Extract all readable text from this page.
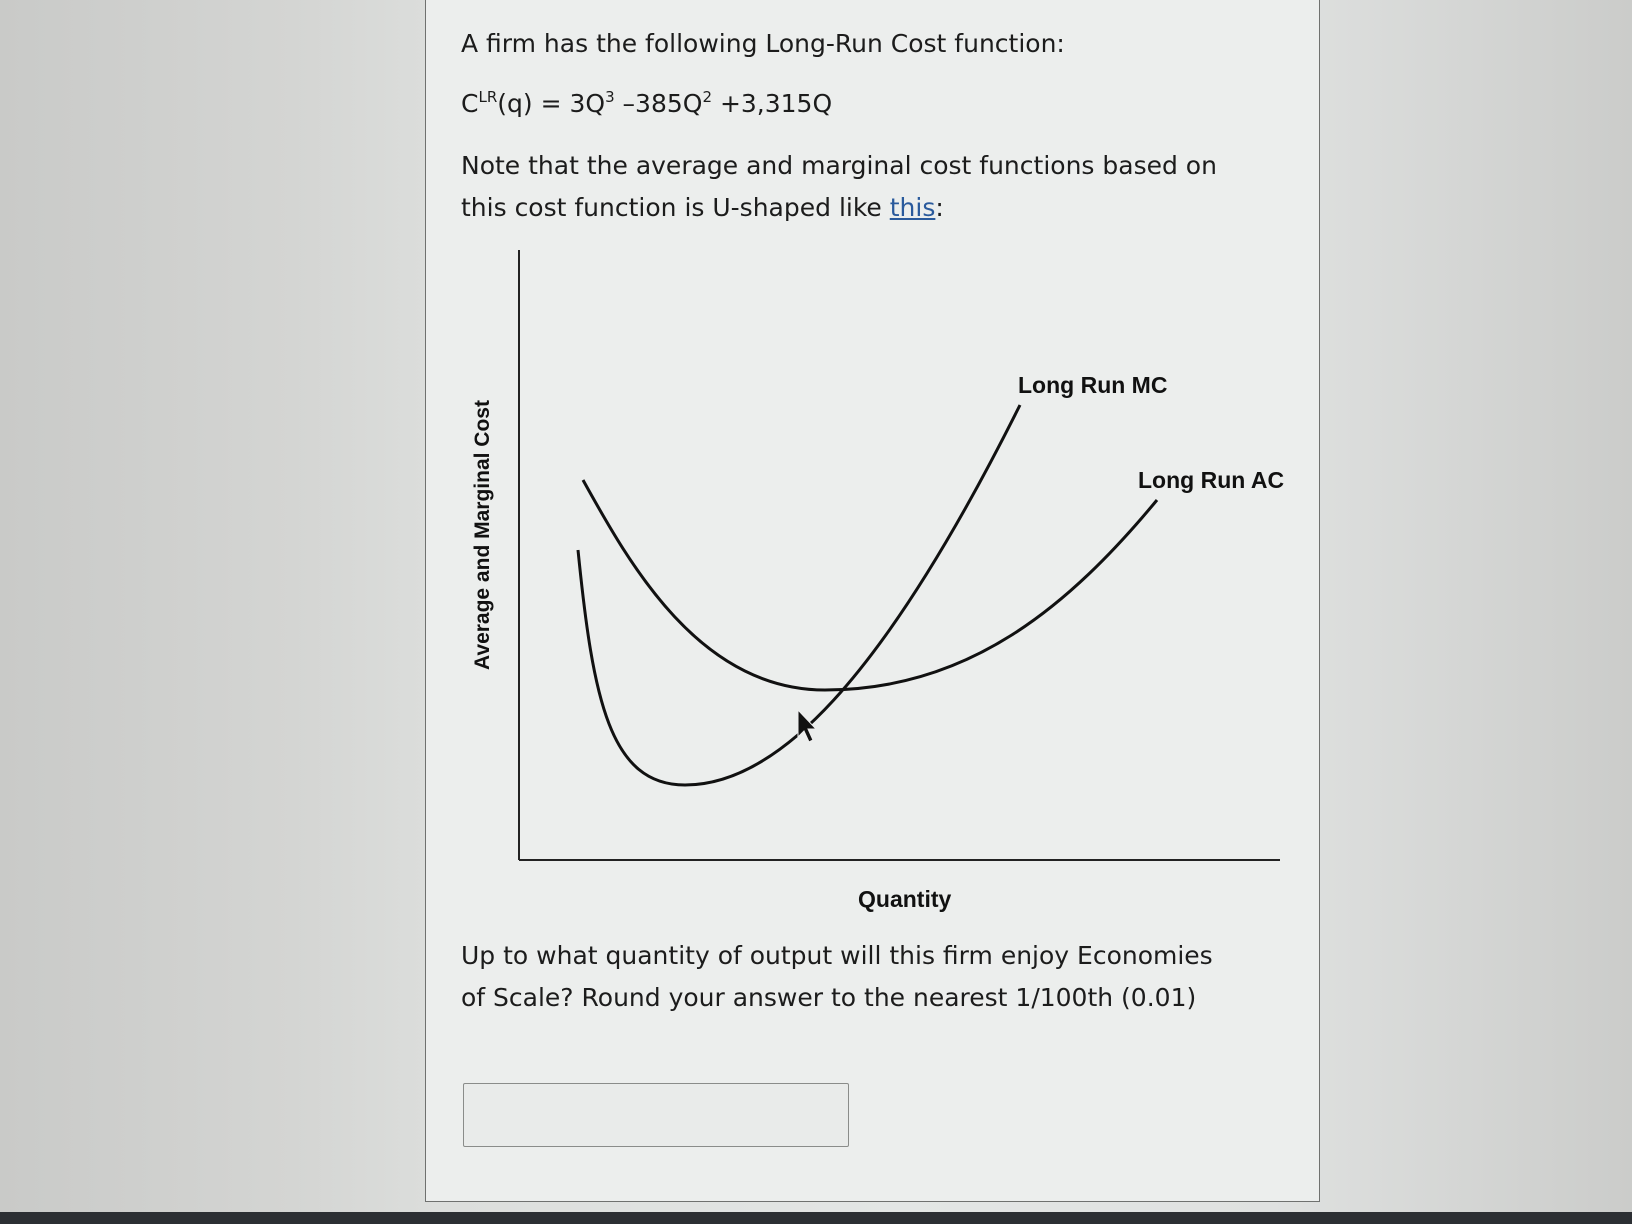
A firm has the following Long-Run Cost function:
$C^{LR}(q) = 3Q^3$ $-385Q^2 +3,315Q$
Note that the average and marginal cost functions based on this cost function is U-shaped like this:
Up to what quantity of output will this firm enjoy Economies of Scale? Round your answer to the nearest 1/100th (0.01)
Long Run MC
Long Run AC
Quantity
Average and Marginal Cost
